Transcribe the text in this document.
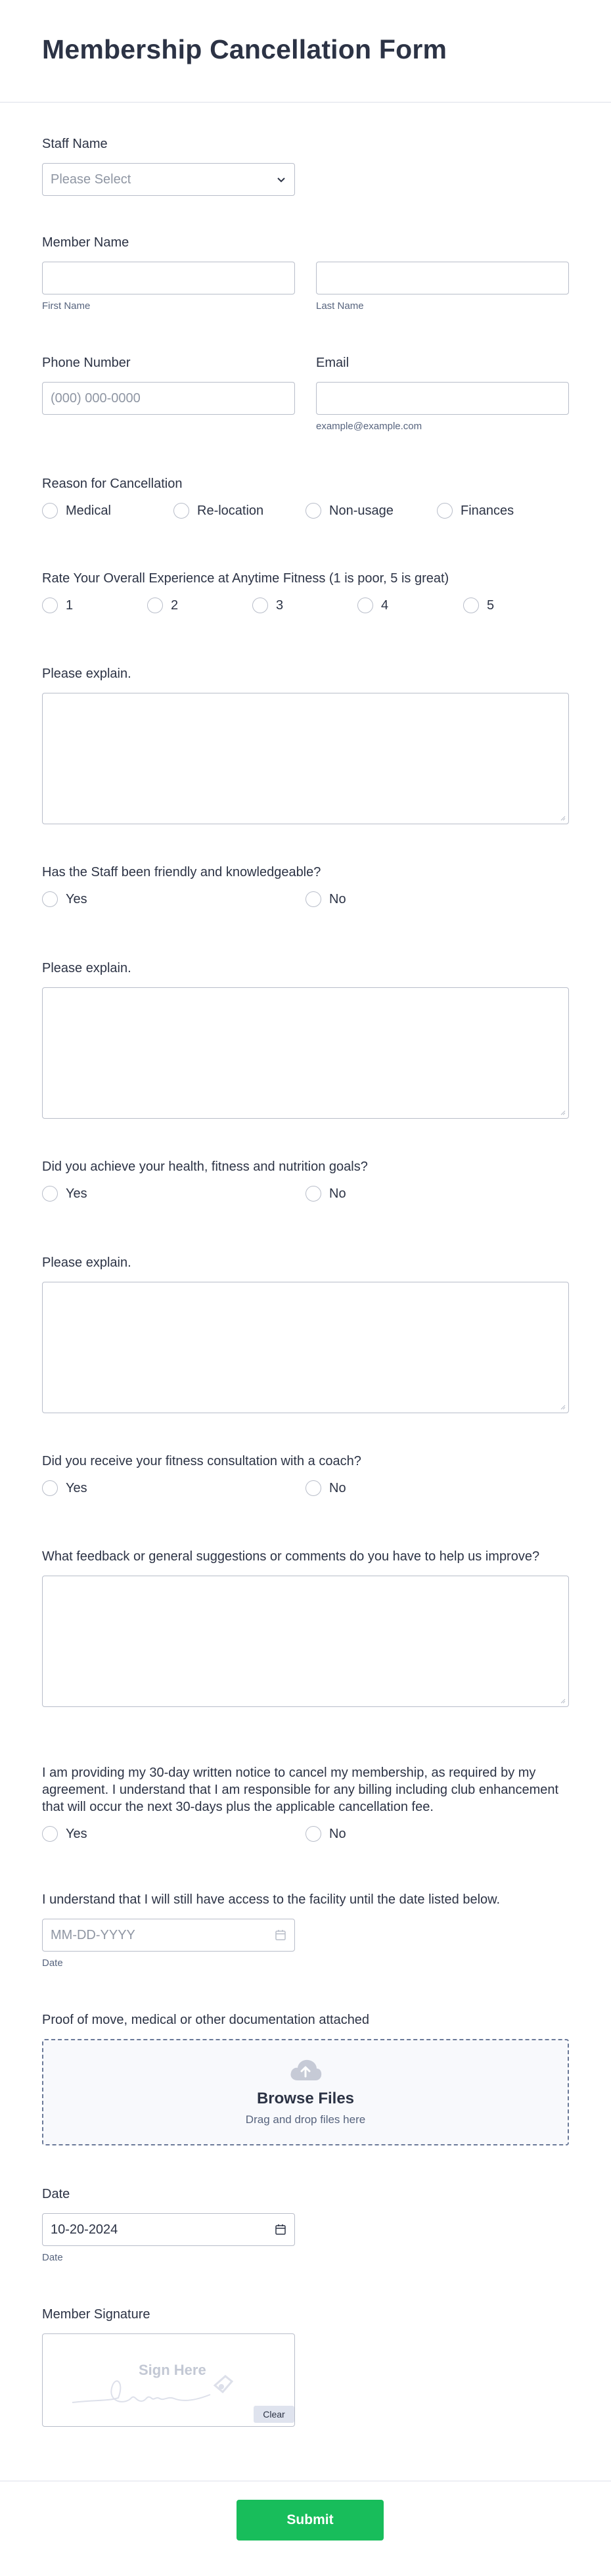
Membership Cancellation Form
Staff Name
Please Select
Member Name
First Name	Last Name
Phone Number
(000) 000-0000
Email
example@example.com
Reason for Cancellation
Medical	Re-location	Non-usage	Finances
Rate Your Overall Experience at Anytime Fitness (1 is poor, 5 is great)
1	2	3	4	5
Please explain.
Has the Staff been friendly and knowledgeable?
Yes	No
Please explain.
Did you achieve your health, fitness and nutrition goals?
Yes	No
Please explain.
Did you receive your fitness consultation with a coach?
Yes	No
What feedback or general suggestions or comments do you have to help us improve?
I am providing my 30-day written notice to cancel my membership, as required by my agreement. I understand that I am responsible for any billing including club enhancement that will occur the next 30-days plus the applicable cancellation fee.
Yes	No
I understand that I will still have access to the facility until the date listed below.
MM-DD-YYYY
Date
Proof of move, medical or other documentation attached
Browse Files
Drag and drop files here
Date
10-20-2024
Date
Member Signature
Sign Here
Clear
Submit
